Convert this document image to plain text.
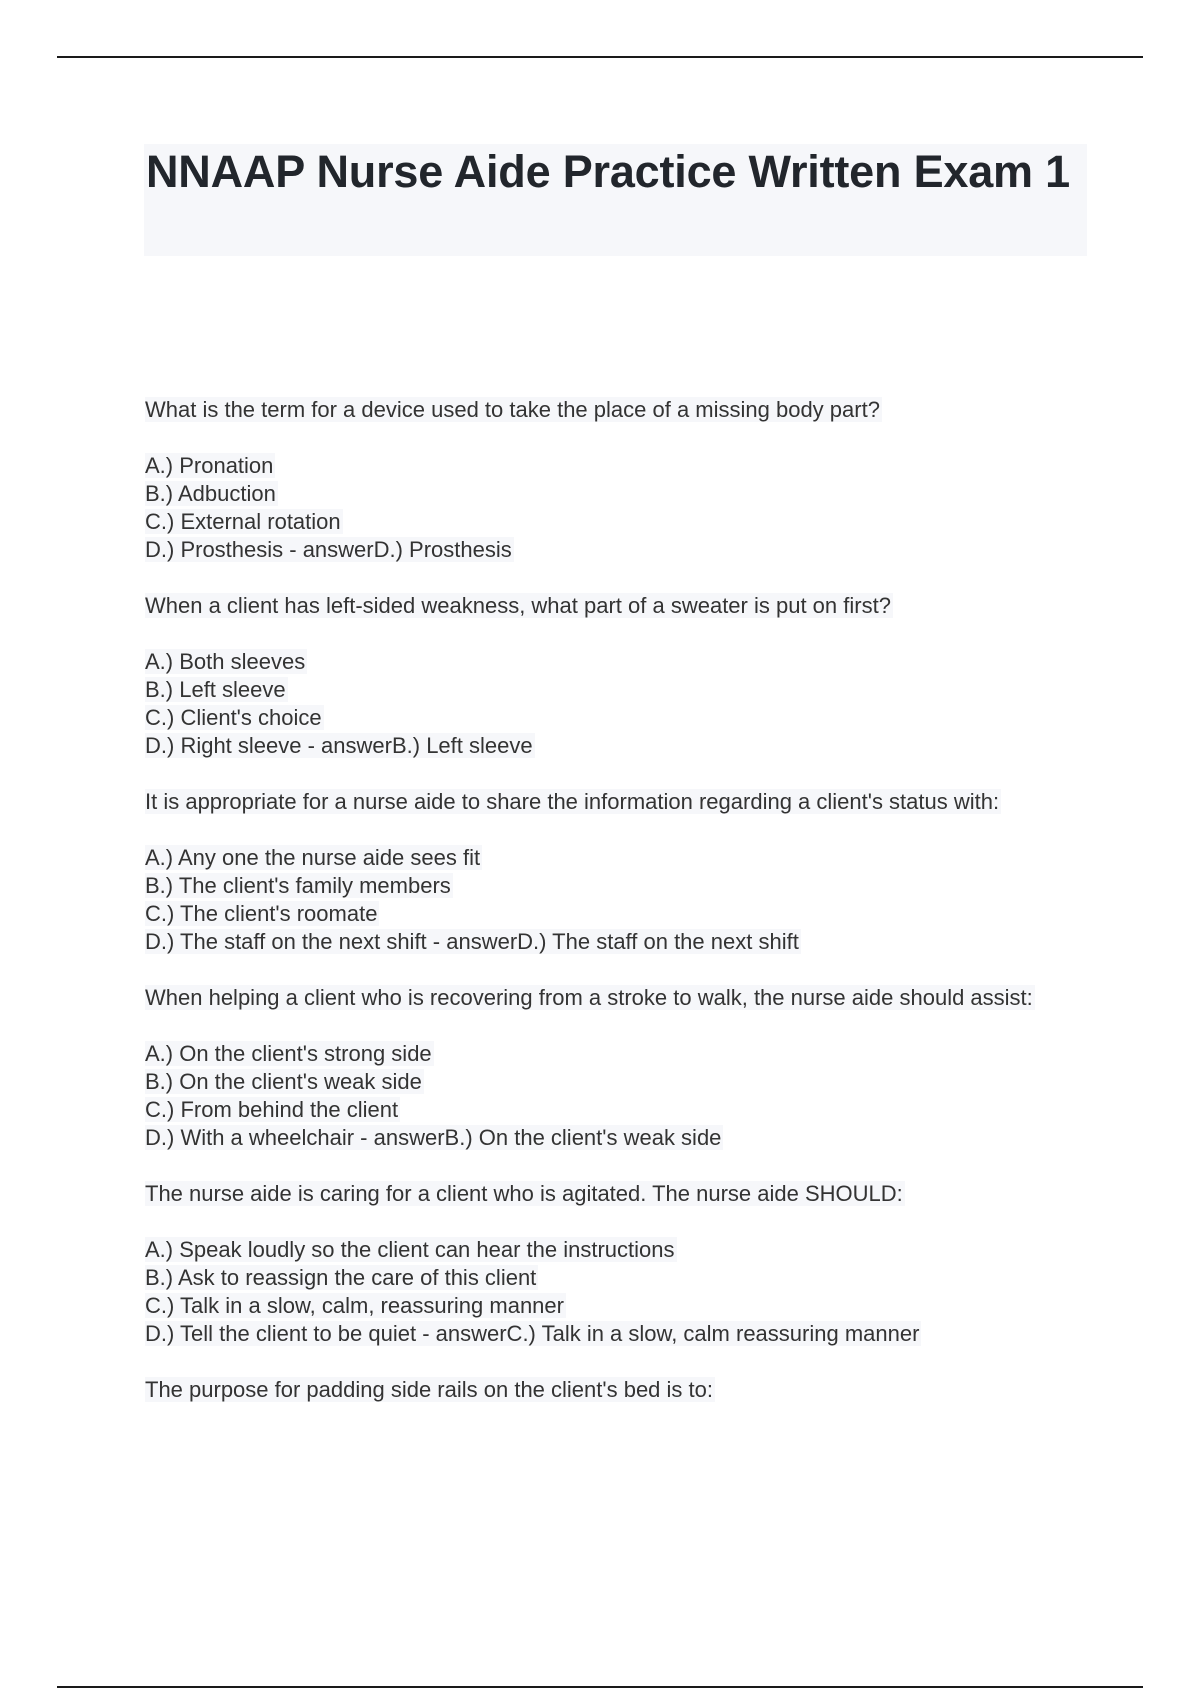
NNAAP Nurse Aide Practice Written Exam 1

What is the term for a device used to take the place of a missing body part?

A.) Pronation
B.) Adbuction
C.) External rotation
D.) Prosthesis - answerD.) Prosthesis

When a client has left-sided weakness, what part of a sweater is put on first?

A.) Both sleeves
B.) Left sleeve
C.) Client's choice
D.) Right sleeve - answerB.) Left sleeve

It is appropriate for a nurse aide to share the information regarding a client's status with:

A.) Any one the nurse aide sees fit
B.) The client's family members
C.) The client's roomate
D.) The staff on the next shift - answerD.) The staff on the next shift

When helping a client who is recovering from a stroke to walk, the nurse aide should assist:

A.) On the client's strong side
B.) On the client's weak side
C.) From behind the client
D.) With a wheelchair - answerB.) On the client's weak side

The nurse aide is caring for a client who is agitated. The nurse aide SHOULD:

A.) Speak loudly so the client can hear the instructions
B.) Ask to reassign the care of this client
C.) Talk in a slow, calm, reassuring manner
D.) Tell the client to be quiet - answerC.) Talk in a slow, calm reassuring manner

The purpose for padding side rails on the client's bed is to:
